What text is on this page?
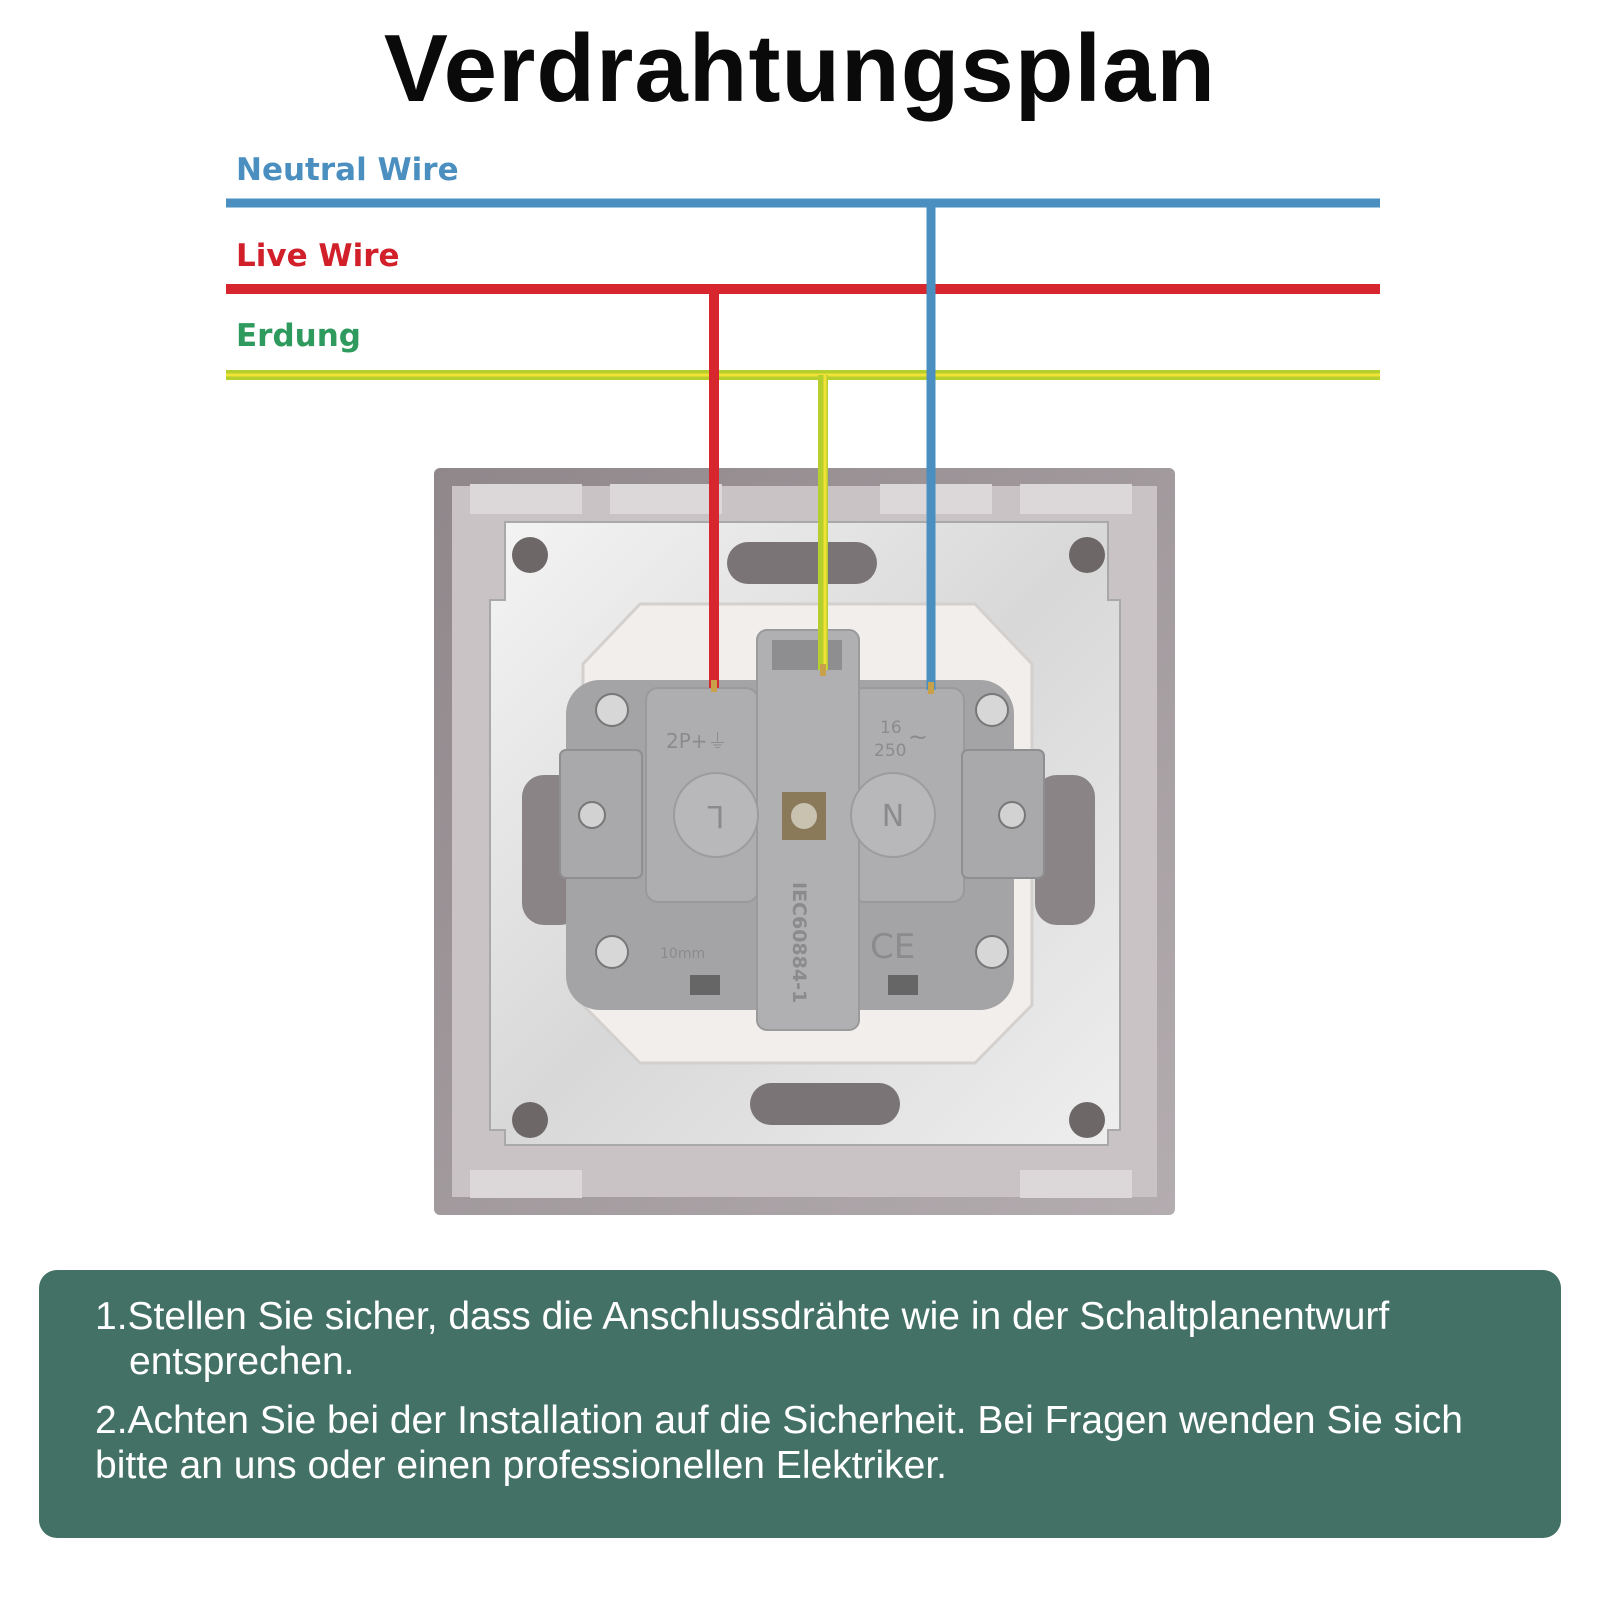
Verdrahtungsplan
Neutral Wire
Live Wire
Erdung
2P+⏚
16
250 ~
L	N
IEC60884-1
10mm	CE

1.Stellen Sie sicher, dass die Anschlussdrähte wie in der Schaltplanentwurf entsprechen.

2.Achten Sie bei der Installation auf die Sicherheit. Bei Fragen wenden Sie sich bitte an uns oder einen professionellen Elektriker.
